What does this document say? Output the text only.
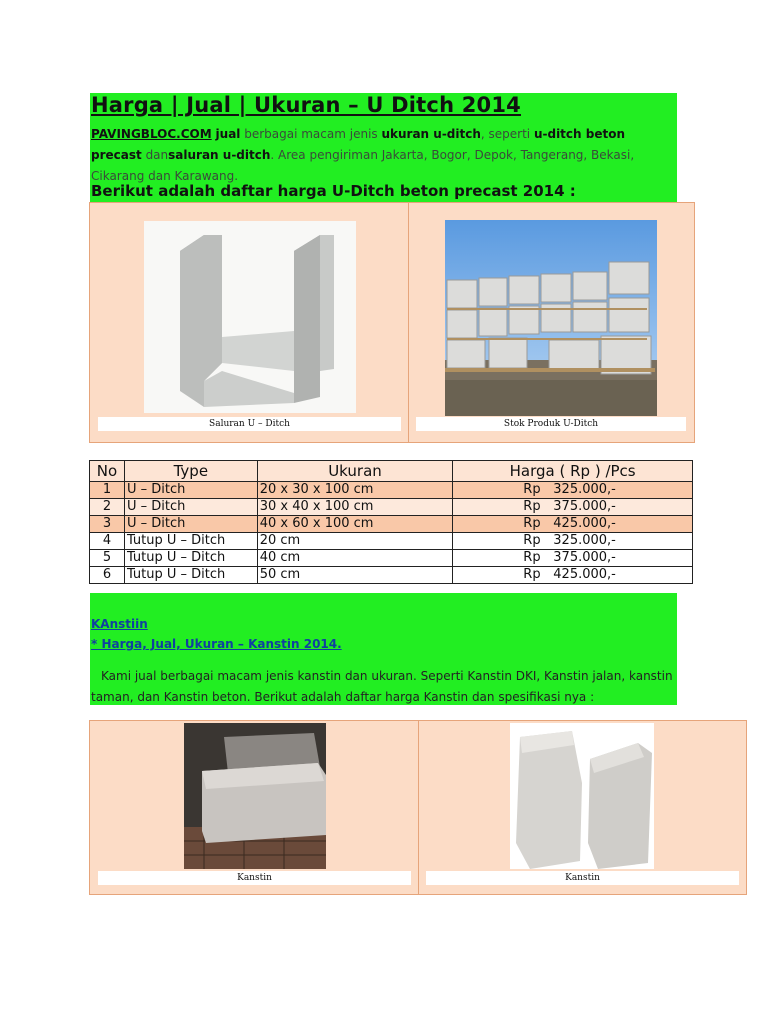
Harga | Jual | Ukuran – U Ditch 2014
PAVINGBLOC.COM jual berbagai macam jenis ukuran u-ditch, seperti u-ditch beton precast dansaluran u-ditch. Area pengiriman Jakarta, Bogor, Depok, Tangerang, Bekasi, Cikarang dan Karawang.
Berikut adalah daftar harga U-Ditch beton precast 2014 :
Saluran U – Ditch	Stok Produk U-Ditch
No	Type	Ukuran	Harga ( Rp ) /Pcs
1	U – Ditch	20 x 30 x 100 cm	Rp 325.000,-
2	U – Ditch	30 x 40 x 100 cm	Rp 375.000,-
3	U – Ditch	40 x 60 x 100 cm	Rp 425.000,-
4	Tutup U – Ditch	20 cm	Rp 325.000,-
5	Tutup U – Ditch	40 cm	Rp 375.000,-
6	Tutup U – Ditch	50 cm	Rp 425.000,-
KAnstiin
* Harga, Jual, Ukuran – Kanstin 2014.
Kami jual berbagai macam jenis kanstin dan ukuran. Seperti Kanstin DKI, Kanstin jalan, kanstin taman, dan Kanstin beton. Berikut adalah daftar harga Kanstin dan spesifikasi nya :
Kanstin	Kanstin
